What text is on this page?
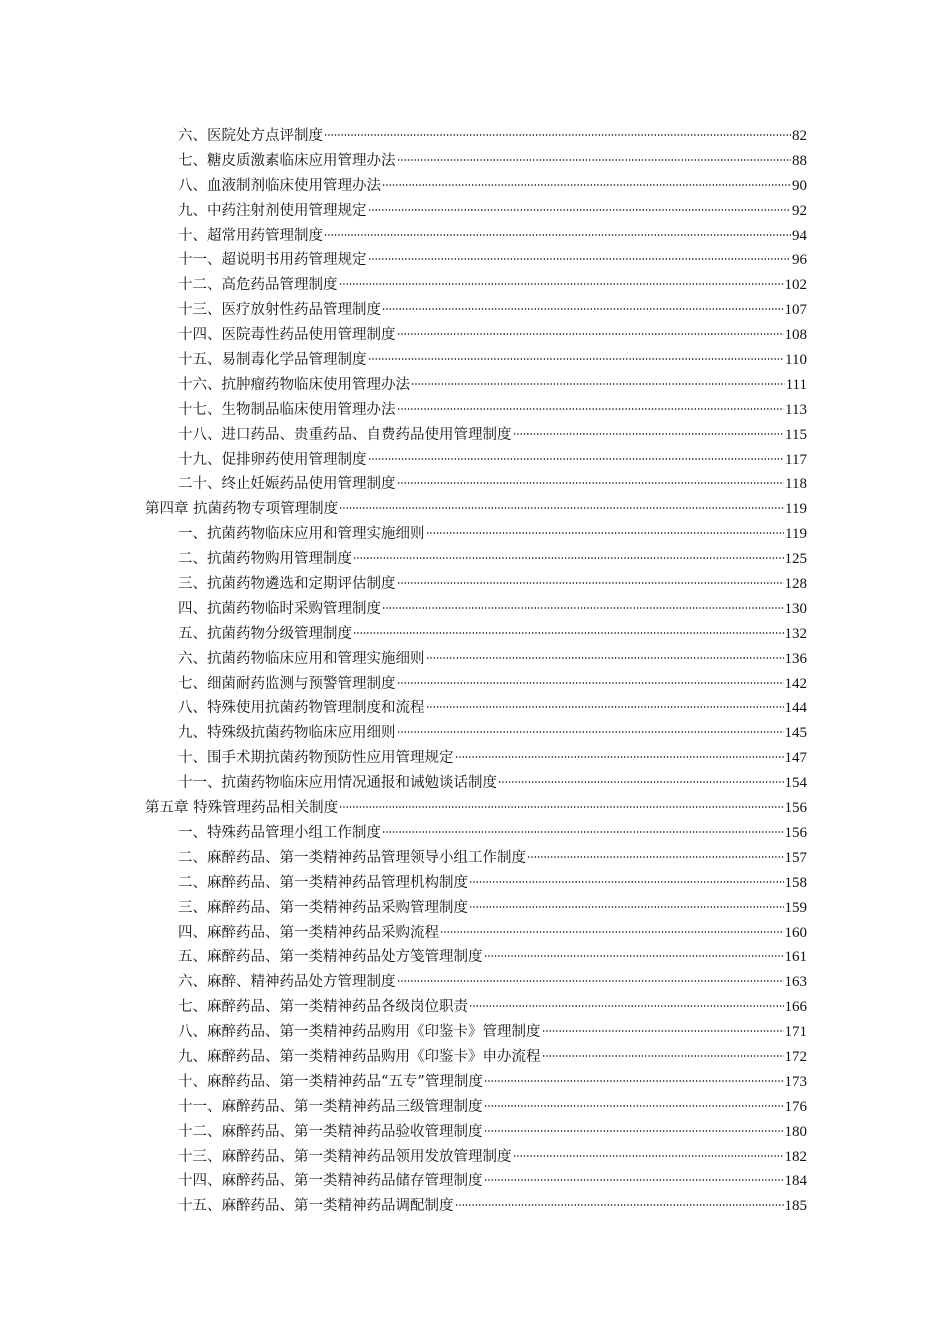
六、医院处方点评制度	82
七、糖皮质激素临床应用管理办法	88
八、血液制剂临床使用管理办法	90
九、中药注射剂使用管理规定	92
十、超常用药管理制度	94
十一、超说明书用药管理规定	96
十二、高危药品管理制度	102
十三、医疗放射性药品管理制度	107
十四、医院毒性药品使用管理制度	108
十五、易制毒化学品管理制度	110
十六、抗肿瘤药物临床使用管理办法	111
十七、生物制品临床使用管理办法	113
十八、进口药品、贵重药品、自费药品使用管理制度	115
十九、促排卵药使用管理制度	117
二十、终止妊娠药品使用管理制度	118
第四章 抗菌药物专项管理制度	119
一、抗菌药物临床应用和管理实施细则	119
二、抗菌药物购用管理制度	125
三、抗菌药物遴选和定期评估制度	128
四、抗菌药物临时采购管理制度	130
五、抗菌药物分级管理制度	132
六、抗菌药物临床应用和管理实施细则	136
七、细菌耐药监测与预警管理制度	142
八、特殊使用抗菌药物管理制度和流程	144
九、特殊级抗菌药物临床应用细则	145
十、围手术期抗菌药物预防性应用管理规定	147
十一、抗菌药物临床应用情况通报和诫勉谈话制度	154
第五章 特殊管理药品相关制度	156
一、特殊药品管理小组工作制度	156
二、麻醉药品、第一类精神药品管理领导小组工作制度	157
二、麻醉药品、第一类精神药品管理机构制度	158
三、麻醉药品、第一类精神药品采购管理制度	159
四、麻醉药品、第一类精神药品采购流程	160
五、麻醉药品、第一类精神药品处方笺管理制度	161
六、麻醉、精神药品处方管理制度	163
七、麻醉药品、第一类精神药品各级岗位职责	166
八、麻醉药品、第一类精神药品购用《印鉴卡》管理制度	171
九、麻醉药品、第一类精神药品购用《印鉴卡》申办流程	172
十、麻醉药品、第一类精神药品“五专”管理制度	173
十一、麻醉药品、第一类精神药品三级管理制度	176
十二、麻醉药品、第一类精神药品验收管理制度	180
十三、麻醉药品、第一类精神药品领用发放管理制度	182
十四、麻醉药品、第一类精神药品储存管理制度	184
十五、麻醉药品、第一类精神药品调配制度	185
